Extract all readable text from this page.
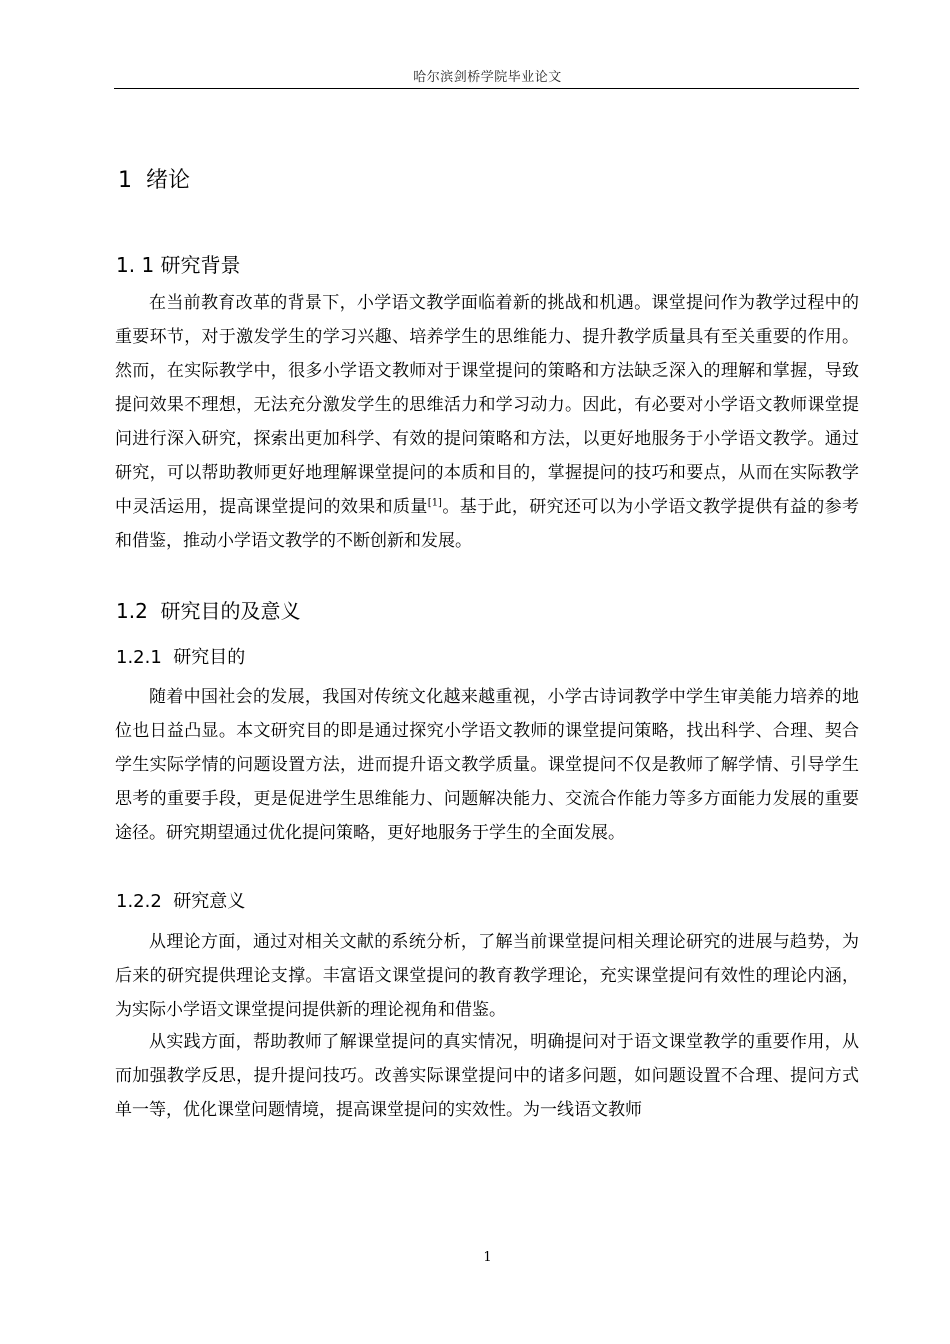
哈尔滨剑桥学院毕业论文
1  绪论
1. 1 研究背景

在当前教育改革的背景下，小学语文教学面临着新的挑战和机遇。课堂提问作为教学过程中的重要环节，对于激发学生的学习兴趣、培养学生的思维能力、提升教学质量具有至关重要的作用。然而，在实际教学中，很多小学语文教师对于课堂提问的策略和方法缺乏深入的理解和掌握，导致提问效果不理想，无法充分激发学生的思维活力和学习动力。因此，有必要对小学语文教师课堂提问进行深入研究，探索出更加科学、有效的提问策略和方法，以更好地服务于小学语文教学。通过研究，可以帮助教师更好地理解课堂提问的本质和目的，掌握提问的技巧和要点，从而在实际教学中灵活运用，提高课堂提问的效果和质量[1]。基于此，研究还可以为小学语文教学提供有益的参考和借鉴，推动小学语文教学的不断创新和发展。

1.2  研究目的及意义
1.2.1  研究目的

随着中国社会的发展，我国对传统文化越来越重视，小学古诗词教学中学生审美能力培养的地位也日益凸显。本文研究目的即是通过探究小学语文教师的课堂提问策略，找出科学、合理、契合学生实际学情的问题设置方法，进而提升语文教学质量。课堂提问不仅是教师了解学情、引导学生思考的重要手段，更是促进学生思维能力、问题解决能力、交流合作能力等多方面能力发展的重要途径。研究期望通过优化提问策略，更好地服务于学生的全面发展。

1.2.2  研究意义

从理论方面，通过对相关文献的系统分析，了解当前课堂提问相关理论研究的进展与趋势，为后来的研究提供理论支撑。丰富语文课堂提问的教育教学理论，充实课堂提问有效性的理论内涵，为实际小学语文课堂提问提供新的理论视角和借鉴。

从实践方面，帮助教师了解课堂提问的真实情况，明确提问对于语文课堂教学的重要作用，从而加强教学反思，提升提问技巧。改善实际课堂提问中的诸多问题，如问题设置不合理、提问方式单一等，优化课堂问题情境，提高课堂提问的实效性。为一线语文教师

1
